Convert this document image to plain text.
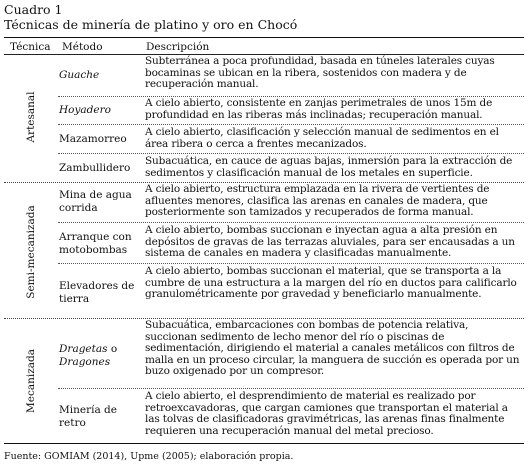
Cuadro 1
Técnicas de minería de platino y oro en Chocó
Técnica Método	Descripción
Artesanal
Semi-mecanizada
Mecanizada
Guache
Subterránea a poca profundidad, basada en túneles laterales cuyas bocaminas se ubican en la ribera, sostenidos con madera y de recuperación manual.
Hoyadero
A cielo abierto, consistente en zanjas perimetrales de unos 15m de profundidad en las riberas más inclinadas; recuperación manual.
Mazamorreo
A cielo abierto, clasificación y selección manual de sedimentos en el área ribera o cerca a frentes mecanizados.
Zambullidero
Subacuática, en cauce de aguas bajas, inmersión para la extracción de sedimentos y clasificación manual de los metales en superficie.
Mina de agua corrida
A cielo abierto, estructura emplazada en la rivera de vertientes de afluentes menores, clasifica las arenas en canales de madera, que posteriormente son tamizados y recuperados de forma manual.
Arranque con motobombas
A cielo abierto, bombas succionan e inyectan agua a alta presión en depósitos de gravas de las terrazas aluviales, para ser encausadas a un sistema de canales en madera y clasificadas manualmente.
Elevadores de tierra
A cielo abierto, bombas succionan el material, que se transporta a la cumbre de una estructura a la margen del río en ductos para calificarlo granulométricamente por gravedad y beneficiarlo manualmente.
Dragetas o
Dragones
Subacuática, embarcaciones con bombas de potencia relativa, succionan sedimento de lecho menor del río o piscinas de sedimentación, dirigiendo el material a canales metálicos con filtros de malla en un proceso circular, la manguera de succión es operada por un buzo oxigenado por un compresor.
Minería de retro
A cielo abierto, el desprendimiento de material es realizado por retroexcavadoras, que cargan camiones que transportan el material a las tolvas de clasificadoras gravimétricas, las arenas finas finalmente requieren una recuperación manual del metal precioso.
Fuente: GOMIAM (2014), Upme (2005); elaboración propia.
